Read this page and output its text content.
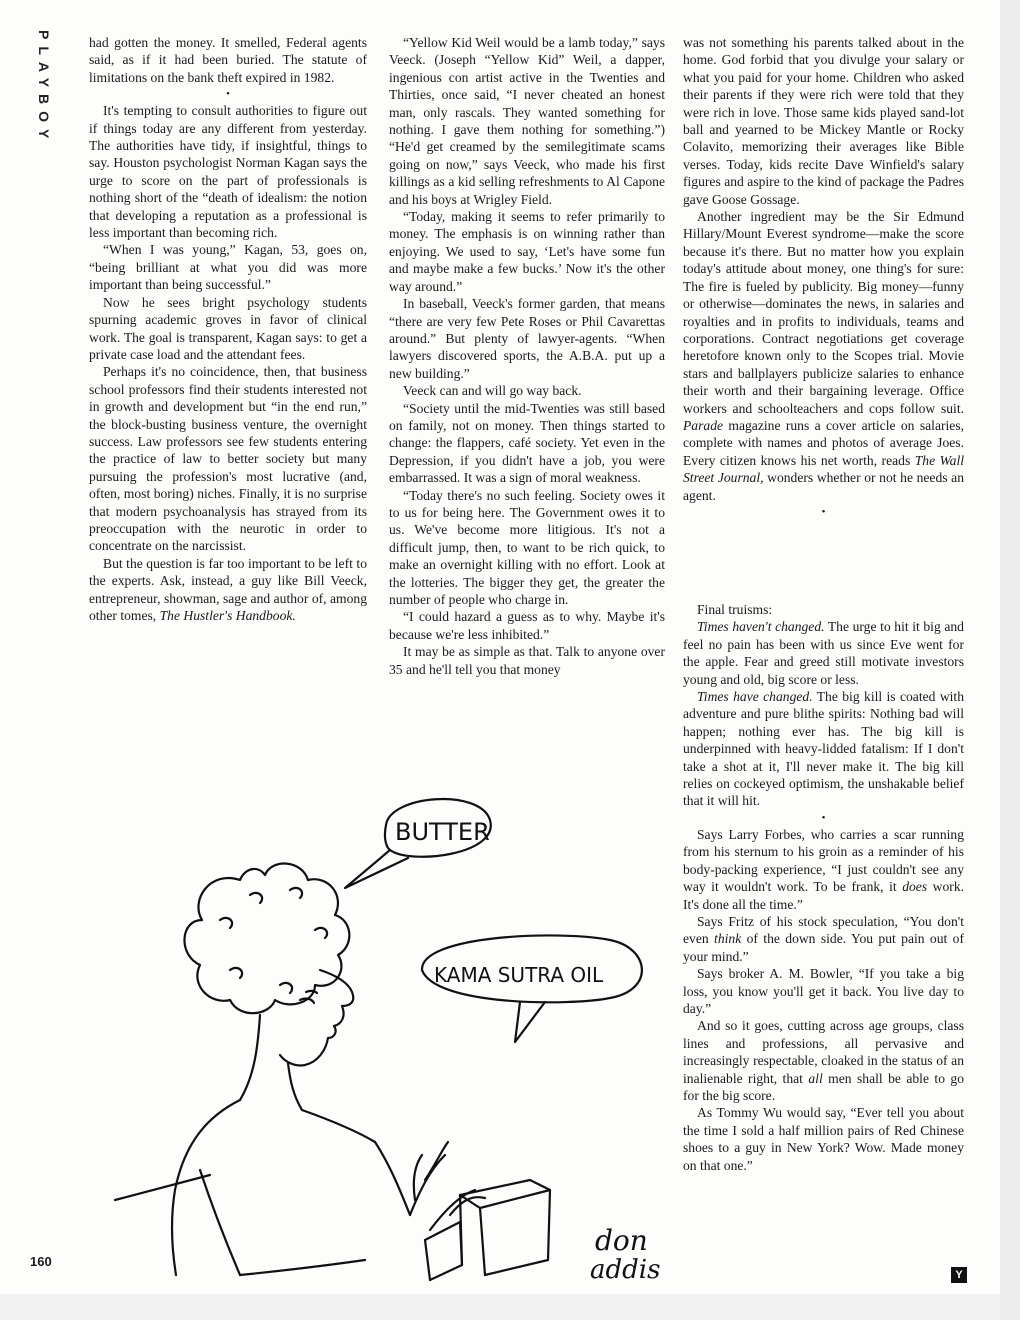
PLAYBOY	had gotten the money. It smelled, Federal agents said, as if it had been buried. The statute of limitations on the bank theft expired in 1982.

•

It's tempting to consult authorities to figure out if things today are any different from yesterday. The authorities have tidy, if insightful, things to say. Houston psychologist Norman Kagan says the urge to score on the part of professionals is nothing short of the “death of idealism: the notion that developing a reputation as a professional is less important than becoming rich.

“When I was young,” Kagan, 53, goes on, “being brilliant at what you did was more important than being successful.”

Now he sees bright psychology students spurning academic groves in favor of clinical work. The goal is transparent, Kagan says: to get a private case load and the attendant fees.

Perhaps it's no coincidence, then, that business school professors find their students interested not in growth and development but “in the end run,” the block-busting business venture, the overnight success. Law professors see few students entering the practice of law to better society but many pursuing the profession's most lucrative (and, often, most boring) niches. Finally, it is no surprise that modern psychoanalysis has strayed from its preoccupation with the neurotic in order to concentrate on the narcissist.

But the question is far too important to be left to the experts. Ask, instead, a guy like Bill Veeck, entrepreneur, showman, sage and author of, among other tomes, The Hustler's Handbook.

“Yellow Kid Weil would be a lamb today,” says Veeck. (Joseph “Yellow Kid” Weil, a dapper, ingenious con artist active in the Twenties and Thirties, once said, “I never cheated an honest man, only rascals. They wanted something for nothing. I gave them nothing for something.”) “He'd get creamed by the semilegitimate scams going on now,” says Veeck, who made his first killings as a kid selling refreshments to Al Capone and his boys at Wrigley Field.

“Today, making it seems to refer primarily to money. The emphasis is on winning rather than enjoying. We used to say, ‘Let's have some fun and maybe make a few bucks.’ Now it's the other way around.”

In baseball, Veeck's former garden, that means “there are very few Pete Roses or Phil Cavarettas around.” But plenty of lawyer-agents. “When lawyers discovered sports, the A.B.A. put up a new building.”

Veeck can and will go way back.

“Society until the mid-Twenties was still based on family, not on money. Then things started to change: the flappers, café society. Yet even in the Depression, if you didn't have a job, you were embarrassed. It was a sign of moral weakness.

“Today there's no such feeling. Society owes it to us for being here. The Government owes it to us. We've become more litigious. It's not a difficult jump, then, to want to be rich quick, to make an overnight killing with no effort. Look at the lotteries. The bigger they get, the greater the number of people who charge in.

“I could hazard a guess as to why. Maybe it's because we're less inhibited.”

It may be as simple as that. Talk to anyone over 35 and he'll tell you that money

was not something his parents talked about in the home. God forbid that you divulge your salary or what you paid for your home. Children who asked their parents if they were rich were told that they were rich in love. Those same kids played sand-lot ball and yearned to be Mickey Mantle or Rocky Colavito, memorizing their averages like Bible verses. Today, kids recite Dave Winfield's salary figures and aspire to the kind of package the Padres gave Goose Gossage.

Another ingredient may be the Sir Edmund Hillary/Mount Everest syndrome—make the score because it's there. But no matter how you explain today's attitude about money, one thing's for sure: The fire is fueled by publicity. Big money—funny or otherwise—dominates the news, in salaries and royalties and in profits to individuals, teams and corporations. Contract negotiations get coverage heretofore known only to the Scopes trial. Movie stars and ballplayers publicize salaries to enhance their worth and their bargaining leverage. Office workers and schoolteachers and cops follow suit. Parade magazine runs a cover article on salaries, complete with names and photos of average Joes. Every citizen knows his net worth, reads The Wall Street Journal, wonders whether or not he needs an agent.

•

Final truisms:

Times haven't changed. The urge to hit it big and feel no pain has been with us since Eve went for the apple. Fear and greed still motivate investors young and old, big score or less.

Times have changed. The big kill is coated with adventure and pure blithe spirits: Nothing bad will happen; nothing ever has. The big kill is underpinned with heavy-lidded fatalism: If I don't take a shot at it, I'll never make it. The big kill relies on cockeyed optimism, the unshakable belief that it will hit.

•

Says Larry Forbes, who carries a scar running from his sternum to his groin as a reminder of his body-packing experience, “I just couldn't see any way it wouldn't work. To be frank, it does work. It's done all the time.”

Says Fritz of his stock speculation, “You don't even think of the down side. You put pain out of your mind.”

Says broker A. M. Bowler, “If you take a big loss, you know you'll get it back. You live day to day.”

And so it goes, cutting across age groups, class lines and professions, all pervasive and increasingly respectable, cloaked in the status of an inalienable right, that all men shall be able to go for the big score.

As Tommy Wu would say, “Ever tell you about the time I sold a half million pairs of Red Chinese shoes to a guy in New York? Wow. Made money on that one.”

Y
160
BUTTER
KAMA SUTRA OIL
don
addis
